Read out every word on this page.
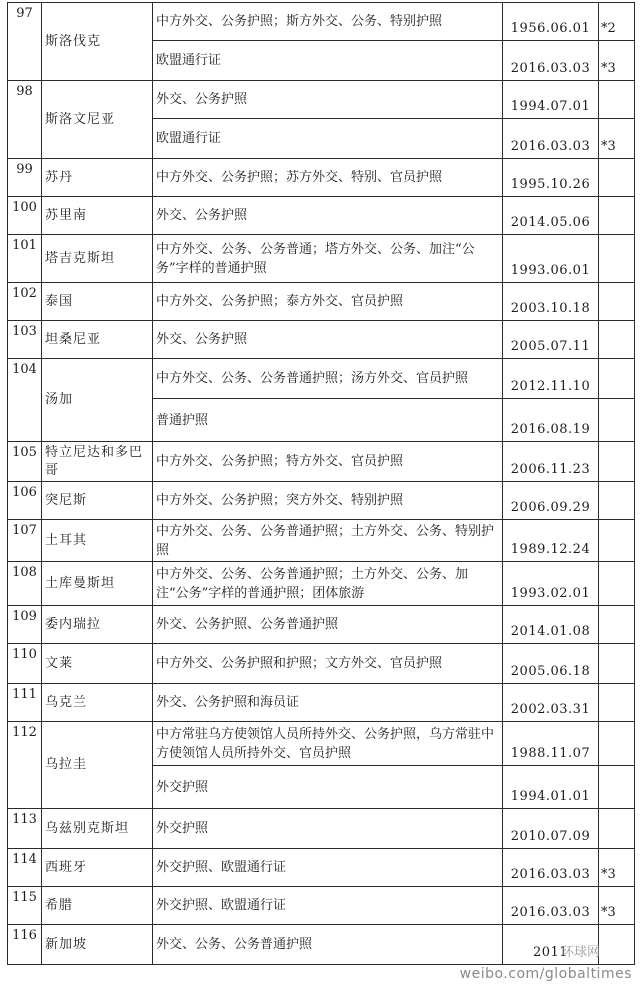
97	斯洛伐克	中方外交、公务护照；斯方外交、公务、特别护照	1956.06.01	*2
		欧盟通行证	2016.03.03	*3
98	斯洛文尼亚	外交、公务护照	1994.07.01	
		欧盟通行证	2016.03.03	*3
99	苏丹	中方外交、公务护照；苏方外交、特别、官员护照	1995.10.26	
100	苏里南	外交、公务护照	2014.05.06	
101	塔吉克斯坦	中方外交、公务、公务普通；塔方外交、公务、加注“公务”字样的普通护照	1993.06.01	
102	泰国	中方外交、公务护照；泰方外交、官员护照	2003.10.18	
103	坦桑尼亚	外交、公务护照	2005.07.11	
104	汤加	中方外交、公务、公务普通护照；汤方外交、官员护照	2012.11.10	
		普通护照	2016.08.19	
105	特立尼达和多巴哥	中方外交、公务护照；特方外交、官员护照	2006.11.23	
106	突尼斯	中方外交、公务护照；突方外交、特别护照	2006.09.29	
107	土耳其	中方外交、公务、公务普通护照；土方外交、公务、特别护照	1989.12.24	
108	土库曼斯坦	中方外交、公务、公务普通护照；土方外交、公务、加注“公务”字样的普通护照；团体旅游	1993.02.01	
109	委内瑞拉	外交、公务护照、公务普通护照	2014.01.08	
110	文莱	中方外交、公务护照和护照；文方外交、官员护照	2005.06.18	
111	乌克兰	外交、公务护照和海员证	2002.03.31	
112	乌拉圭	中方常驻乌方使领馆人员所持外交、公务护照，乌方常驻中方使领馆人员所持外交、官员护照	1988.11.07	
		外交护照	1994.01.01	
113	乌兹别克斯坦	外交护照	2010.07.09	
114	西班牙	外交护照、欧盟通行证	2016.03.03	*3
115	希腊	外交护照、欧盟通行证	2016.03.03	*3
116	新加坡	外交、公务、公务普通护照	2011	
环球网
weibo.com/globaltimes
